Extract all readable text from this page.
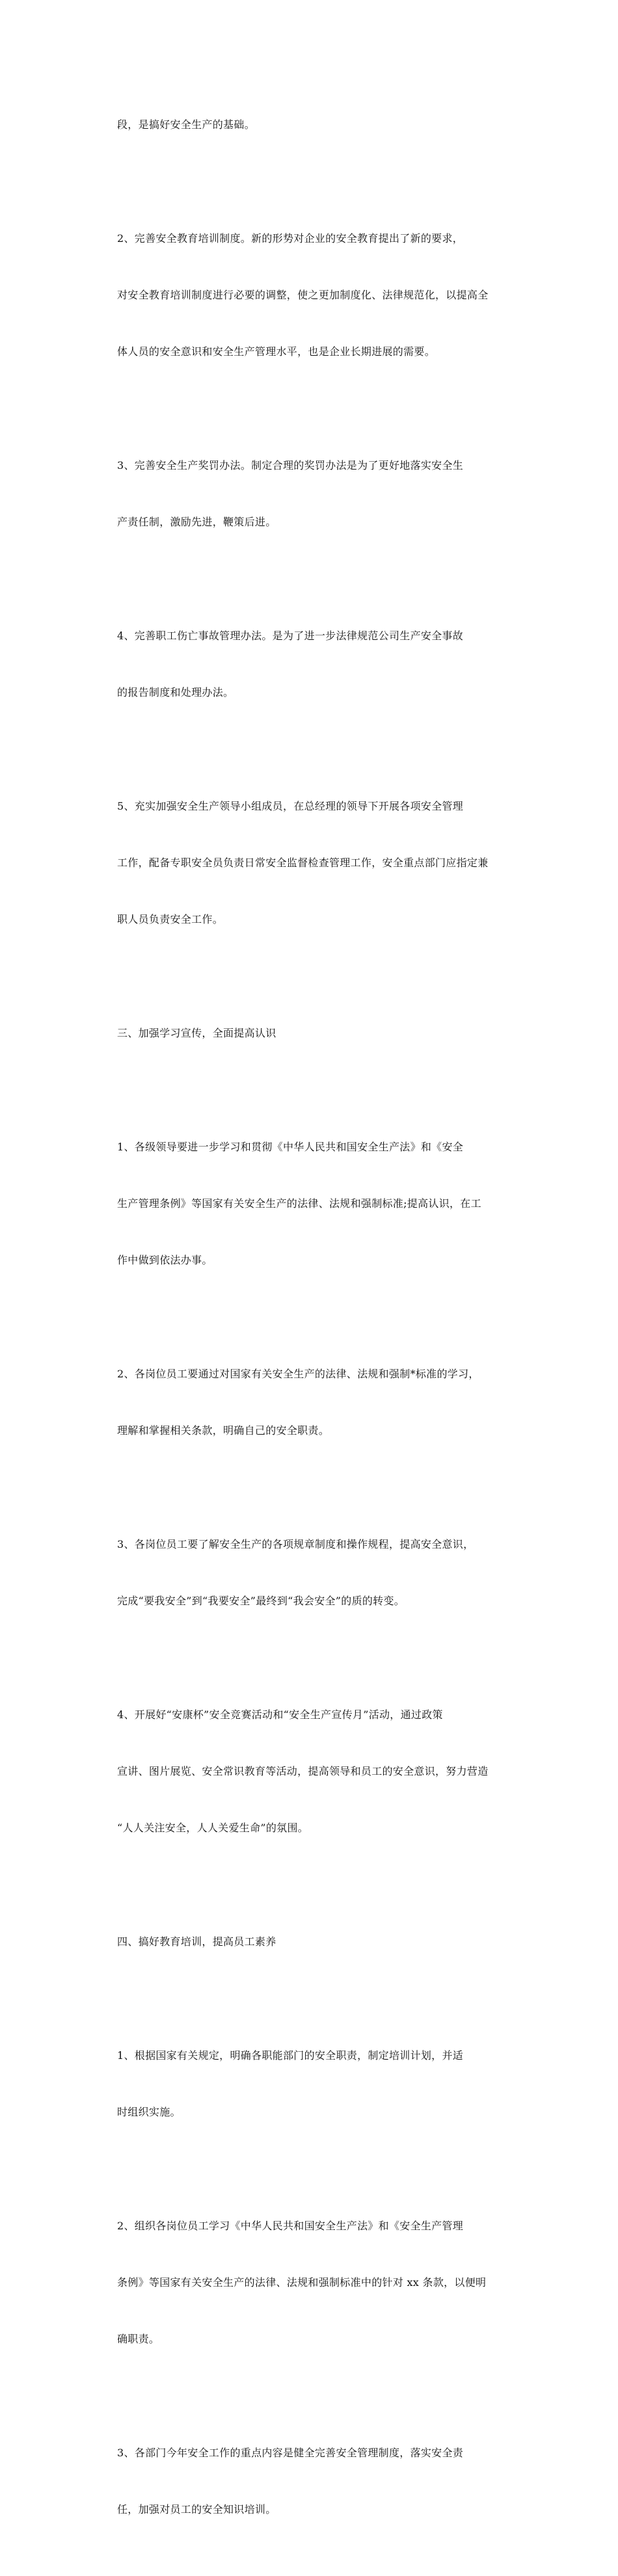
段，是搞好安全生产的基础。

2、完善安全教育培训制度。新的形势对企业的安全教育提出了新的要求，

对安全教育培训制度进行必要的调整，使之更加制度化、法律规范化，以提高全

体人员的安全意识和安全生产管理水平，也是企业长期进展的需要。

3、完善安全生产奖罚办法。制定合理的奖罚办法是为了更好地落实安全生

产责任制，激励先进，鞭策后进。

4、完善职工伤亡事故管理办法。是为了进一步法律规范公司生产安全事故

的报告制度和处理办法。

5、充实加强安全生产领导小组成员，在总经理的领导下开展各项安全管理

工作，配备专职安全员负责日常安全监督检查管理工作，安全重点部门应指定兼

职人员负责安全工作。

三、加强学习宣传，全面提高认识

1、各级领导要进一步学习和贯彻《中华人民共和国安全生产法》和《安全

生产管理条例》等国家有关安全生产的法律、法规和强制标准;提高认识，在工

作中做到依法办事。

2、各岗位员工要通过对国家有关安全生产的法律、法规和强制*标准的学习，

理解和掌握相关条款，明确自己的安全职责。

3、各岗位员工要了解安全生产的各项规章制度和操作规程，提高安全意识，

完成“要我安全”到“我要安全”最终到“我会安全”的质的转变。

4、开展好“安康杯”安全竞赛活动和“安全生产宣传月”活动，通过政策

宣讲、图片展览、安全常识教育等活动，提高领导和员工的安全意识，努力营造

“人人关注安全，人人关爱生命”的氛围。

四、搞好教育培训，提高员工素养

1、根据国家有关规定，明确各职能部门的安全职责，制定培训计划，并适

时组织实施。

2、组织各岗位员工学习《中华人民共和国安全生产法》和《安全生产管理

条例》等国家有关安全生产的法律、法规和强制标准中的针对 xx 条款，以便明

确职责。

3、各部门今年安全工作的重点内容是健全完善安全管理制度，落实安全责

任，加强对员工的安全知识培训。
